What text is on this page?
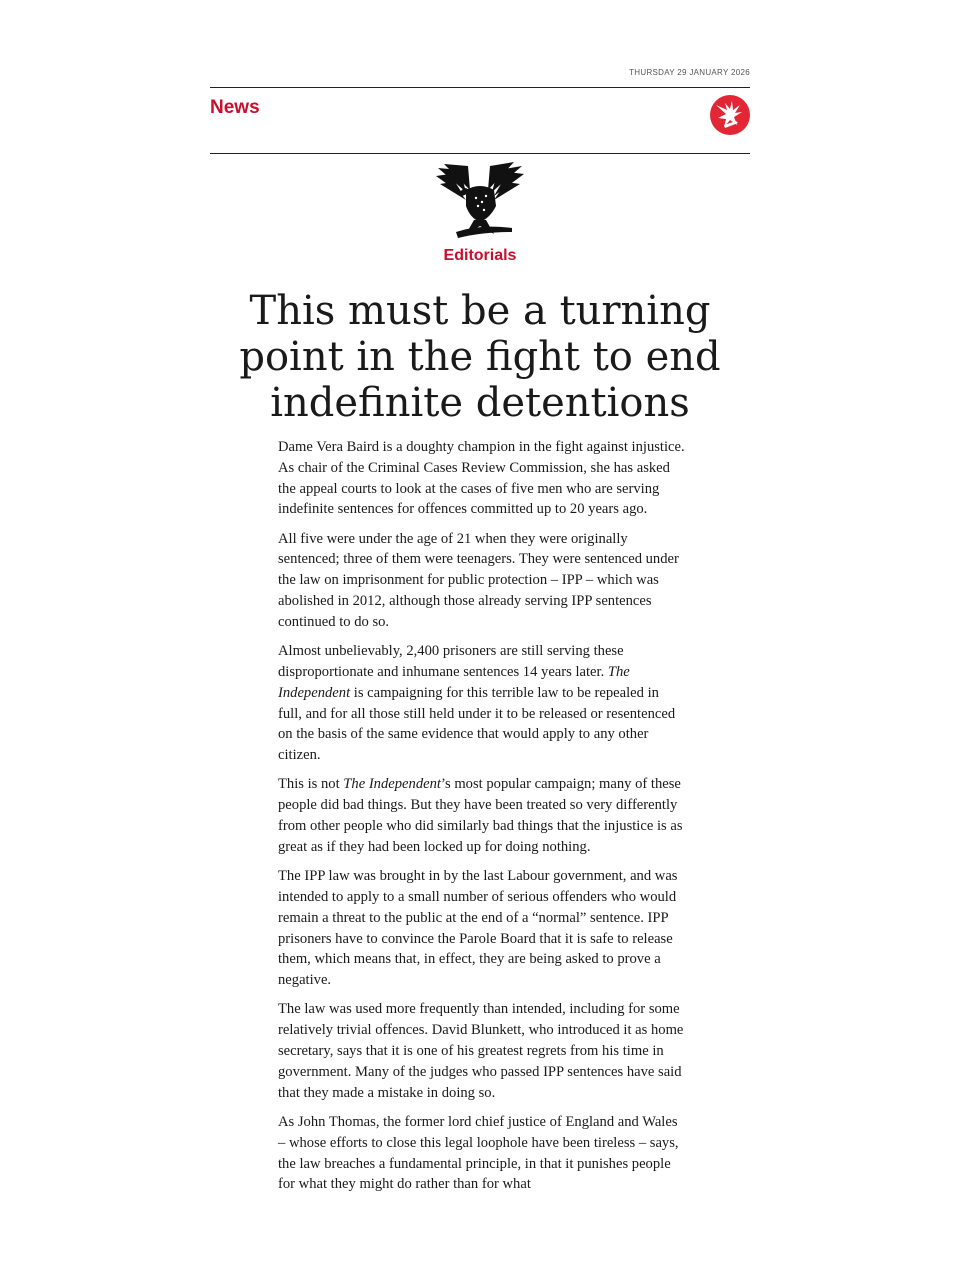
THURSDAY 29 JANUARY 2026
News
Editorials
This must be a turning point in the fight to end indefinite detentions

Dame Vera Baird is a doughty champion in the fight against injustice. As chair of the Criminal Cases Review Commission, she has asked the appeal courts to look at the cases of five men who are serving indefinite sentences for offences committed up to 20 years ago.

All five were under the age of 21 when they were originally sentenced; three of them were teenagers. They were sentenced under the law on imprisonment for public protection – IPP – which was abolished in 2012, although those already serving IPP sentences continued to do so.

Almost unbelievably, 2,400 prisoners are still serving these disproportionate and inhumane sentences 14 years later. The Independent is campaigning for this terrible law to be repealed in full, and for all those still held under it to be released or resentenced on the basis of the same evidence that would apply to any other citizen.

This is not The Independent’s most popular campaign; many of these people did bad things. But they have been treated so very differently from other people who did similarly bad things that the injustice is as great as if they had been locked up for doing nothing.

The IPP law was brought in by the last Labour government, and was intended to apply to a small number of serious offenders who would remain a threat to the public at the end of a “normal” sentence. IPP prisoners have to convince the Parole Board that it is safe to release them, which means that, in effect, they are being asked to prove a negative.

The law was used more frequently than intended, including for some relatively trivial offences. David Blunkett, who introduced it as home secretary, says that it is one of his greatest regrets from his time in government. Many of the judges who passed IPP sentences have said that they made a mistake in doing so.

As John Thomas, the former lord chief justice of England and Wales – whose efforts to close this legal loophole have been tireless – says, the law breaches a fundamental principle, in that it punishes people for what they might do rather than for what
